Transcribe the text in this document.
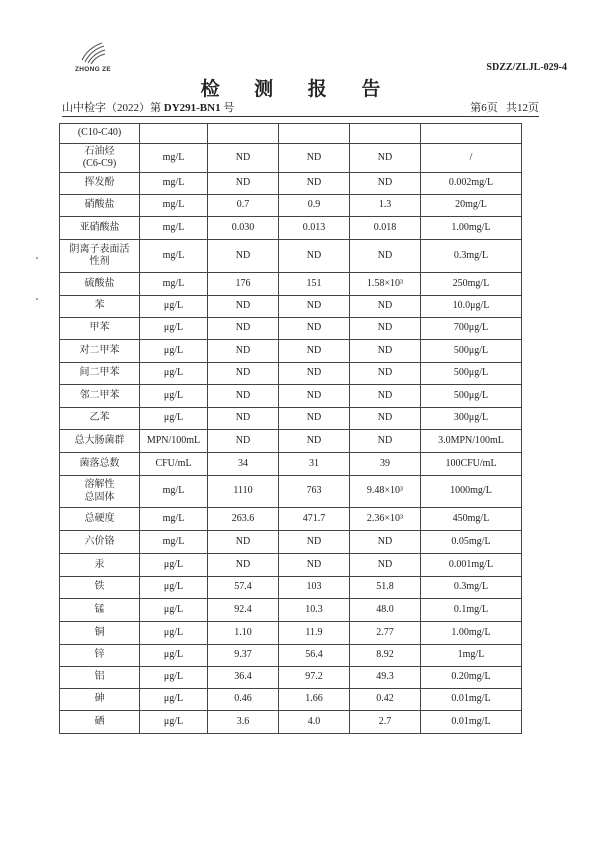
ZHONG ZE	SDZZ/ZLJL-029-4
检 测 报 告
山中检字（2022）第 DY291-BN1 号	第6页 共12页
(C10-C40)					
石油烃
(C6-C9)	mg/L	ND	ND	ND	/
挥发酚	mg/L	ND	ND	ND	0.002mg/L
硝酸盐	mg/L	0.7	0.9	1.3	20mg/L
亚硝酸盐	mg/L	0.030	0.013	0.018	1.00mg/L
阴离子表面活
性剂	mg/L	ND	ND	ND	0.3mg/L
硫酸盐	mg/L	176	151	1.58×10³	250mg/L
苯	μg/L	ND	ND	ND	10.0μg/L
甲苯	μg/L	ND	ND	ND	700μg/L
对二甲苯	μg/L	ND	ND	ND	500μg/L
间二甲苯	μg/L	ND	ND	ND	500μg/L
邻二甲苯	μg/L	ND	ND	ND	500μg/L
乙苯	μg/L	ND	ND	ND	300μg/L
总大肠菌群	MPN/100mL	ND	ND	ND	3.0MPN/100mL
菌落总数	CFU/mL	34	31	39	100CFU/mL
溶解性
总固体	mg/L	1110	763	9.48×10³	1000mg/L
总硬度	mg/L	263.6	471.7	2.36×10³	450mg/L
六价铬	mg/L	ND	ND	ND	0.05mg/L
汞	μg/L	ND	ND	ND	0.001mg/L
铁	μg/L	57.4	103	51.8	0.3mg/L
锰	μg/L	92.4	10.3	48.0	0.1mg/L
铜	μg/L	1.10	11.9	2.77	1.00mg/L
锌	μg/L	9.37	56.4	8.92	1mg/L
铝	μg/L	36.4	97.2	49.3	0.20mg/L
砷	μg/L	0.46	1.66	0.42	0.01mg/L
硒	μg/L	3.6	4.0	2.7	0.01mg/L
